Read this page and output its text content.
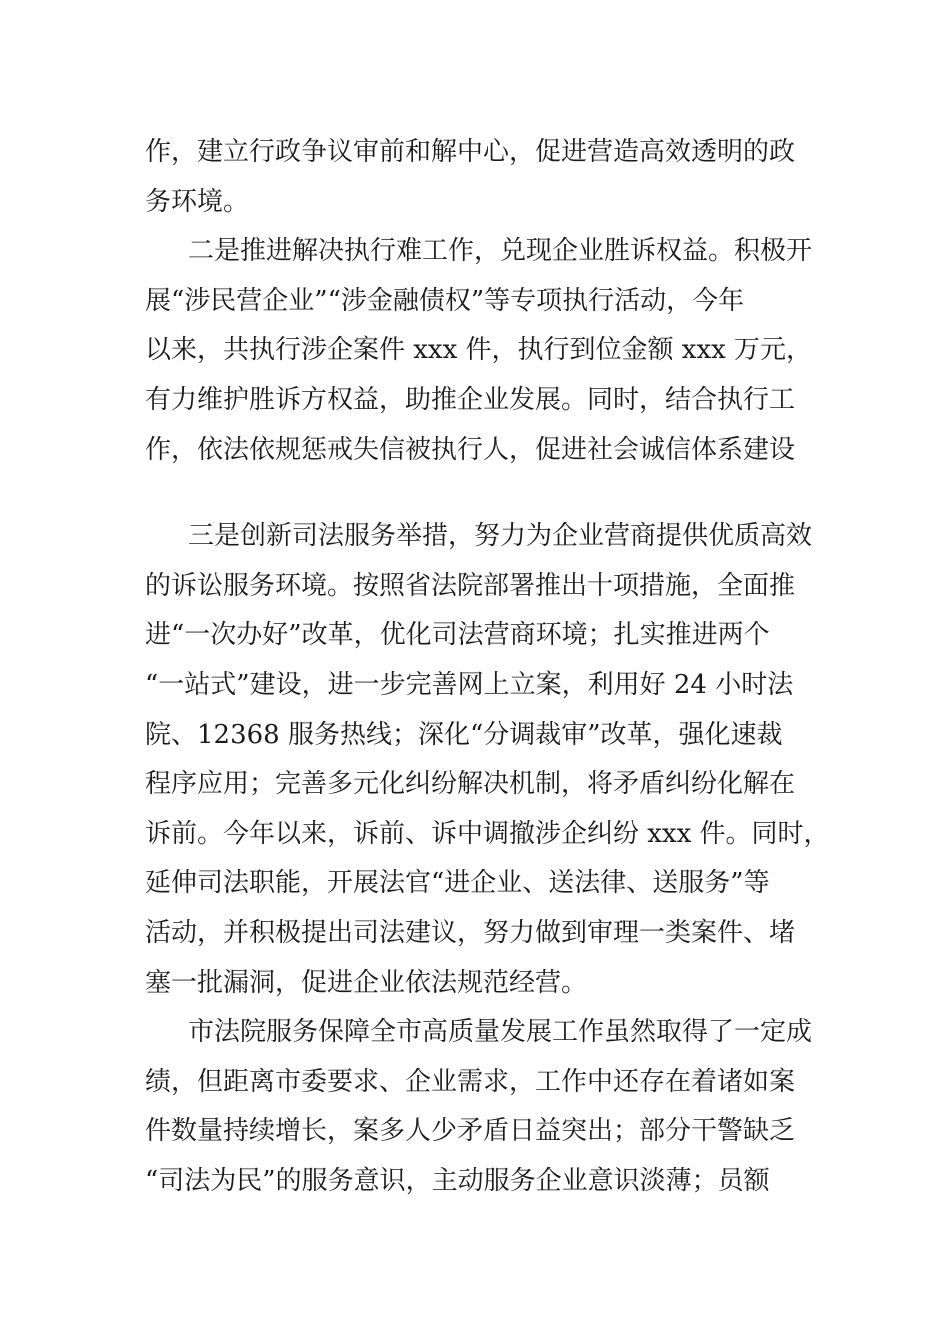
作，建立行政争议审前和解中心，促进营造高效透明的政
务环境。
二是推进解决执行难工作，兑现企业胜诉权益。积极开
展“涉民营企业”“涉金融债权”等专项执行活动，今年
以来，共执行涉企案件 xxx 件，执行到位金额 xxx 万元，
有力维护胜诉方权益，助推企业发展。同时，结合执行工
作，依法依规惩戒失信被执行人，促进社会诚信体系建设
三是创新司法服务举措，努力为企业营商提供优质高效
的诉讼服务环境。按照省法院部署推出十项措施，全面推
进“一次办好”改革，优化司法营商环境；扎实推进两个
“一站式”建设，进一步完善网上立案，利用好 24 小时法
院、12368 服务热线；深化“分调裁审”改革，强化速裁
程序应用；完善多元化纠纷解决机制，将矛盾纠纷化解在
诉前。今年以来，诉前、诉中调撤涉企纠纷 xxx 件。同时，
延伸司法职能，开展法官“进企业、送法律、送服务”等
活动，并积极提出司法建议，努力做到审理一类案件、堵
塞一批漏洞，促进企业依法规范经营。
市法院服务保障全市高质量发展工作虽然取得了一定成
绩，但距离市委要求、企业需求，工作中还存在着诸如案
件数量持续增长，案多人少矛盾日益突出；部分干警缺乏
“司法为民”的服务意识，主动服务企业意识淡薄；员额
